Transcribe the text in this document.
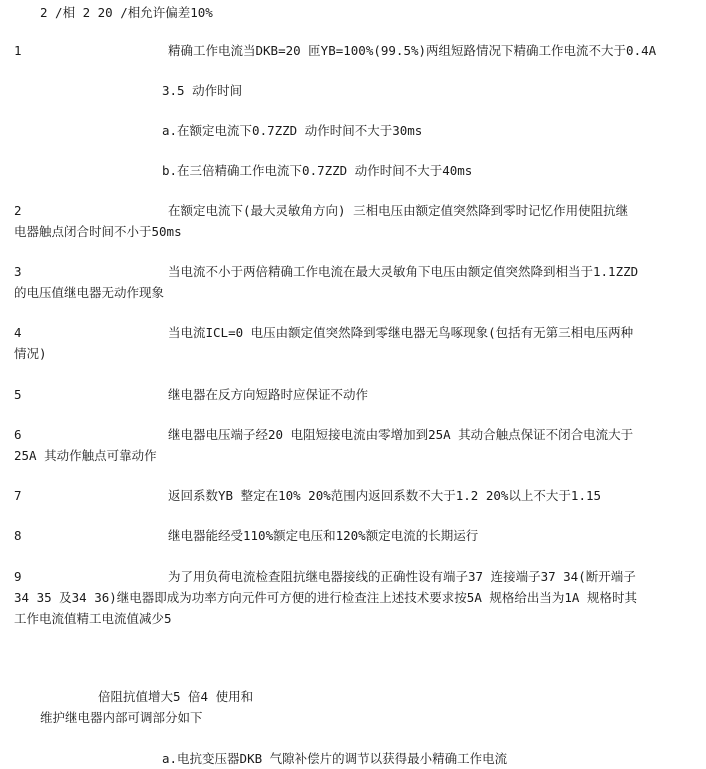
2 /相 2 20 /相允许偏差10%
1	精确工作电流当DKB=20 匝YB=100%(99.5%)两组短路情况下精确工作电流不大于0.4A
3.5 动作时间
a.在额定电流下0.7ZZD 动作时间不大于30ms
b.在三倍精确工作电流下0.7ZZD 动作时间不大于40ms
2	在额定电流下(最大灵敏角方向) 三相电压由额定值突然降到零时记忆作用使阻抗继
电器触点闭合时间不小于50ms
3	当电流不小于两倍精确工作电流在最大灵敏角下电压由额定值突然降到相当于1.1ZZD
的电压值继电器无动作现象
4	当电流ICL=0 电压由额定值突然降到零继电器无鸟啄现象(包括有无第三相电压两种
情况)
5	继电器在反方向短路时应保证不动作
6	继电器电压端子经20 电阻短接电流由零增加到25A 其动合触点保证不闭合电流大于
25A 其动作触点可靠动作
7	返回系数YB 整定在10% 20%范围内返回系数不大于1.2 20%以上不大于1.15
8	继电器能经受110%额定电压和120%额定电流的长期运行
9	为了用负荷电流检查阻抗继电器接线的正确性设有端子37 连接端子37 34(断开端子
34 35 及34 36)继电器即成为功率方向元件可方便的进行检查注上述技术要求按5A 规格给出当为1A 规格时其
工作电流值精工电流值减少5
倍阻抗值增大5 倍4 使用和
维护继电器内部可调部分如下
a.电抗变压器DKB 气隙补偿片的调节以获得最小精确工作电流
